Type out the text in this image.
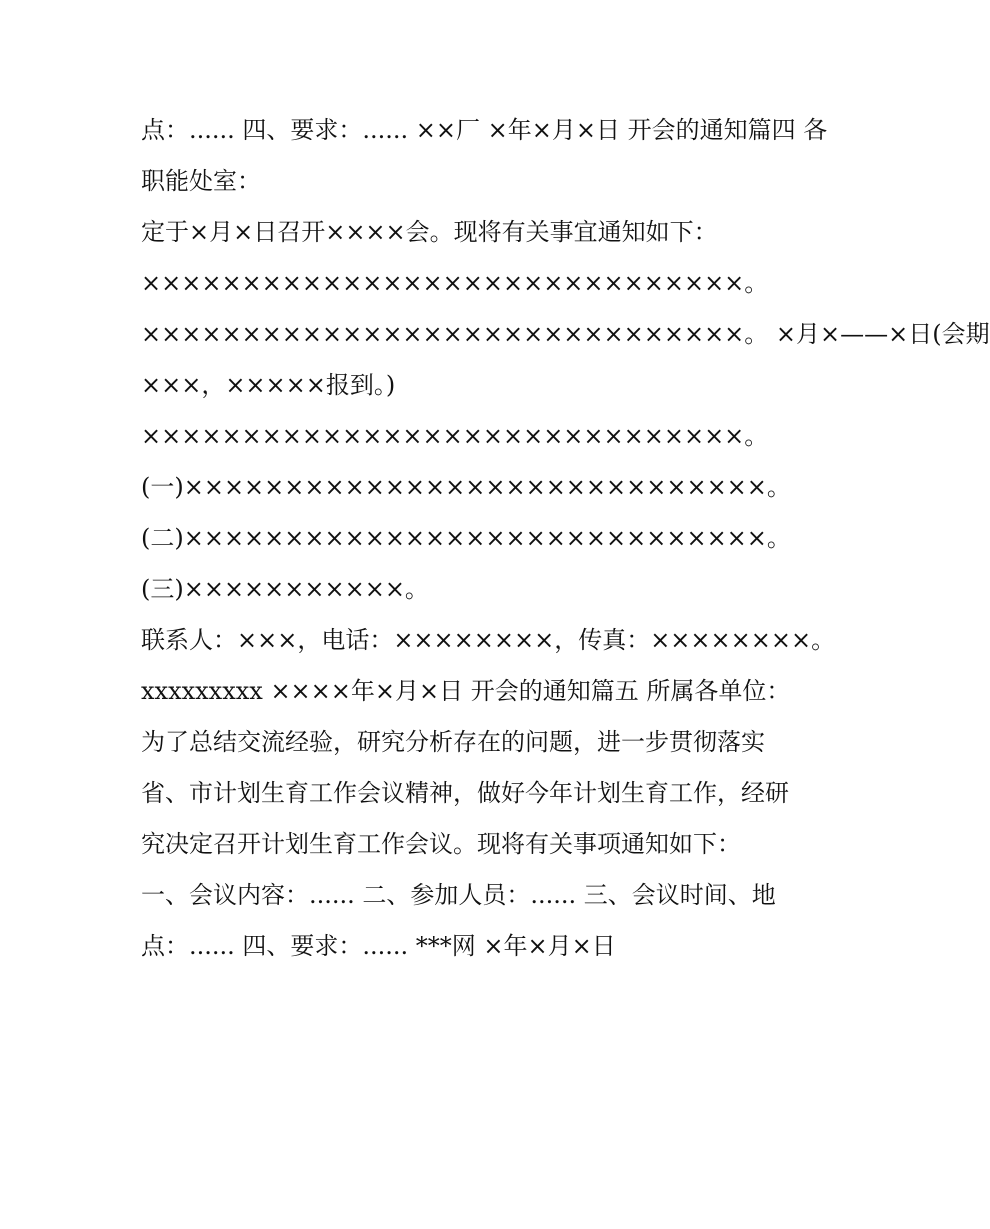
点：...... 四、要求：...... ××厂 ×年×月×日 开会的通知篇四 各
职能处室：
定于×月×日召开××××会。现将有关事宜通知如下：
××××××××××××××××××××××××××××××。
××××××××××××××××××××××××××××××。 ×月×——×日(会期
×××，×××××报到。)
××××××××××××××××××××××××××××××。
(一)×××××××××××××××××××××××××××××。
(二)×××××××××××××××××××××××××××××。
(三)×××××××××××。
联系人：×××，电话：××××××××，传真：××××××××。
xxxxxxxxx ××××年×月×日 开会的通知篇五 所属各单位：
为了总结交流经验，研究分析存在的问题，进一步贯彻落实
省、市计划生育工作会议精神，做好今年计划生育工作，经研
究决定召开计划生育工作会议。现将有关事项通知如下：
一、会议内容：...... 二、参加人员：...... 三、会议时间、地
点：...... 四、要求：...... ***网 ×年×月×日
